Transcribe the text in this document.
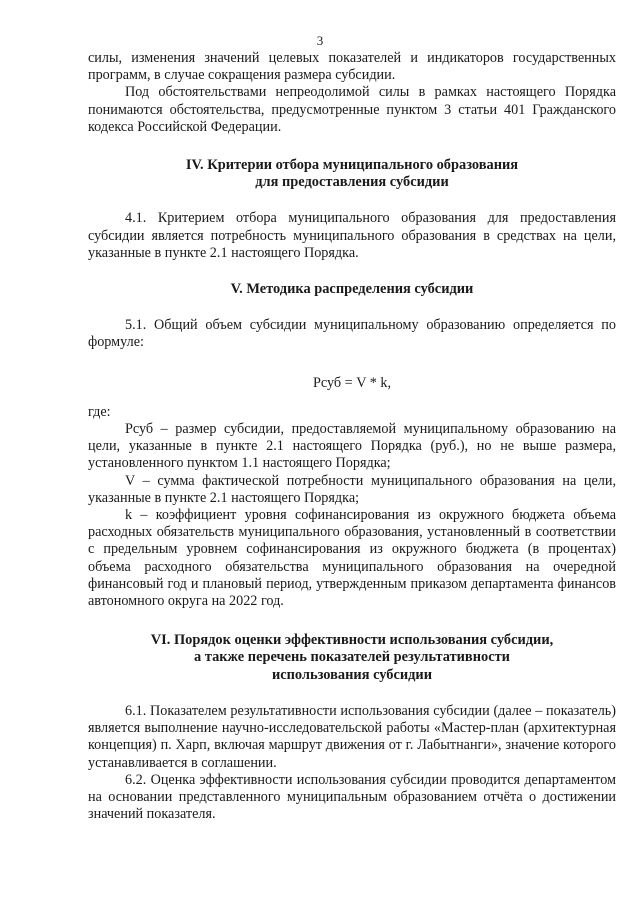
3

силы, изменения значений целевых показателей и индикаторов государственных программ, в случае сокращения размера субсидии.

Под обстоятельствами непреодолимой силы в рамках настоящего Порядка понимаются обстоятельства, предусмотренные пунктом 3 статьи 401 Гражданского кодекса Российской Федерации.

IV. Критерии отбора муниципального образования

для предоставления субсидии

4.1. Критерием отбора муниципального образования для предоставления субсидии является потребность муниципального образования в средствах на цели, указанные в пункте 2.1 настоящего Порядка.

V. Методика распределения субсидии

5.1. Общий объем субсидии муниципальному образованию определяется по формуле:

Рсуб = V * k,

где:

Рсуб – размер субсидии, предоставляемой муниципальному образованию на цели, указанные в пункте 2.1 настоящего Порядка (руб.), но не выше размера, установленного пунктом 1.1 настоящего Порядка;

V – сумма фактической потребности муниципального образования на цели, указанные в пункте 2.1 настоящего Порядка;

k – коэффициент уровня софинансирования из окружного бюджета объема расходных обязательств муниципального образования, установленный в соответствии с предельным уровнем софинансирования из окружного бюджета (в процентах) объема расходного обязательства муниципального образования на очередной финансовый год и плановый период, утвержденным приказом департамента финансов автономного округа на 2022 год.

VI. Порядок оценки эффективности использования субсидии,

а также перечень показателей результативности

использования субсидии

6.1. Показателем результативности использования субсидии (далее – показатель) является выполнение научно-исследовательской работы «Мастер-план (архитектурная концепция) п. Харп, включая маршрут движения от г. Лабытнанги», значение которого устанавливается в соглашении.

6.2. Оценка эффективности использования субсидии проводится департаментом на основании представленного муниципальным образованием отчёта о достижении значений показателя.
